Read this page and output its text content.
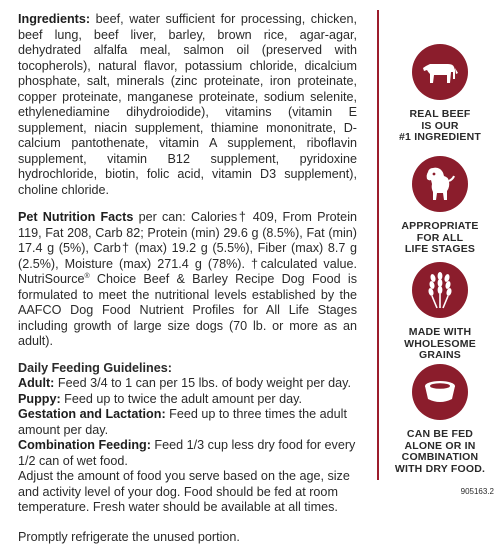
Ingredients: beef, water sufficient for processing, chicken, beef lung, beef liver, barley, brown rice, agar-agar, dehydrated alfalfa meal, salmon oil (preserved with tocopherols), natural flavor, potassium chloride, dicalcium phosphate, salt, minerals (zinc proteinate, iron proteinate, copper proteinate, manganese proteinate, sodium selenite, ethylenediamine dihydroiodide), vitamins (vitamin E supplement, niacin supplement, thiamine mononitrate, D-calcium pantothenate, vitamin A supplement, riboflavin supplement, vitamin B12 supplement, pyridoxine hydrochloride, biotin, folic acid, vitamin D3 supplement), choline chloride.
Pet Nutrition Facts per can: Calories† 409, From Protein 119, Fat 208, Carb 82; Protein (min) 29.6 g (8.5%), Fat (min) 17.4 g (5%), Carb† (max) 19.2 g (5.5%), Fiber (max) 8.7 g (2.5%), Moisture (max) 271.4 g (78%). †calculated value. NutriSource® Choice Beef & Barley Recipe Dog Food is formulated to meet the nutritional levels established by the AAFCO Dog Food Nutrient Profiles for All Life Stages including growth of large size dogs (70 lb. or more as an adult).
Daily Feeding Guidelines:
Adult: Feed 3/4 to 1 can per 15 lbs. of body weight per day.
Puppy: Feed up to twice the adult amount per day.
Gestation and Lactation: Feed up to three times the adult amount per day.
Combination Feeding: Feed 1/3 cup less dry food for every 1/2 can of wet food.
Adjust the amount of food you serve based on the age, size and activity level of your dog. Food should be fed at room temperature. Fresh water should be available at all times.
Promptly refrigerate the unused portion.
REAL BEEF
IS OUR
#1 INGREDIENT
APPROPRIATE
FOR ALL
LIFE STAGES
MADE WITH
WHOLESOME
GRAINS
CAN BE FED
ALONE OR IN
COMBINATION
WITH DRY FOOD.
905163.2
